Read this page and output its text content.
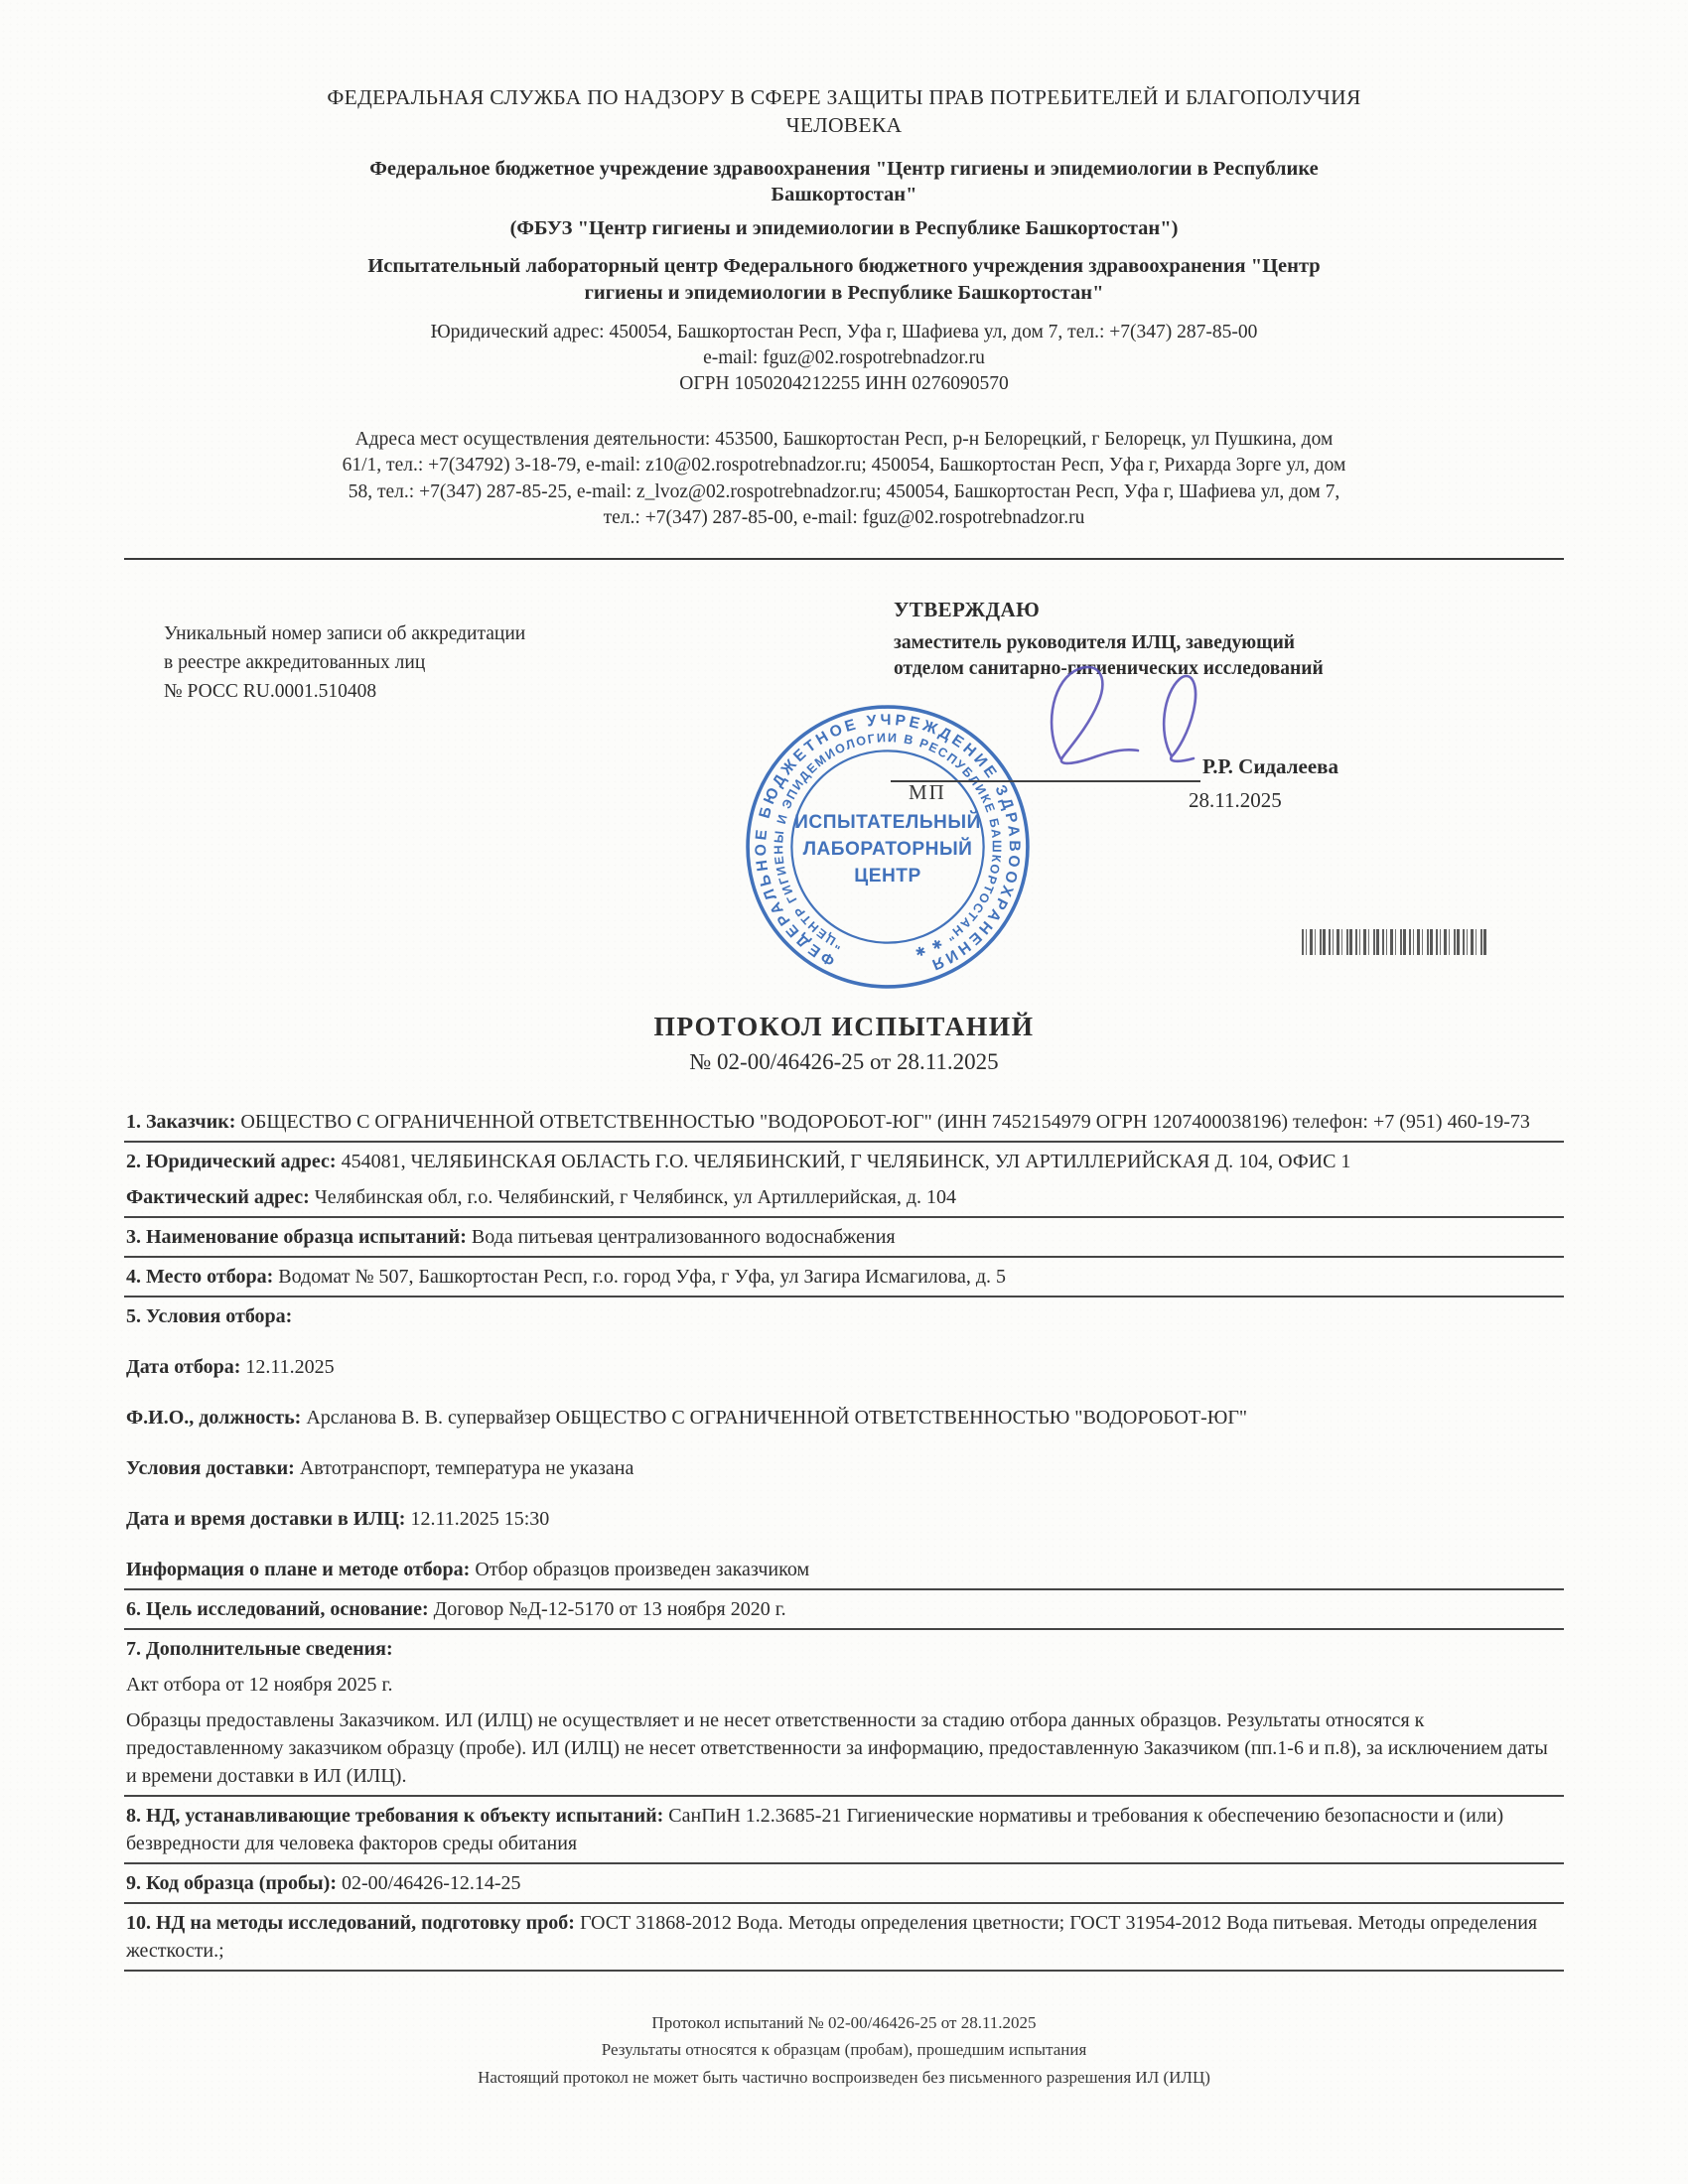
ФЕДЕРАЛЬНАЯ СЛУЖБА ПО НАДЗОРУ В СФЕРЕ ЗАЩИТЫ ПРАВ ПОТРЕБИТЕЛЕЙ И БЛАГОПОЛУЧИЯ
ЧЕЛОВЕКА
Федеральное бюджетное учреждение здравоохранения "Центр гигиены и эпидемиологии в Республике
Башкортостан"
(ФБУЗ "Центр гигиены и эпидемиологии в Республике Башкортостан")
Испытательный лабораторный центр Федерального бюджетного учреждения здравоохранения "Центр
гигиены и эпидемиологии в Республике Башкортостан"
Юридический адрес: 450054, Башкортостан Респ, Уфа г, Шафиева ул, дом 7, тел.: +7(347) 287-85-00
e-mail: fguz@02.rospotrebnadzor.ru
ОГРН 1050204212255 ИНН 0276090570
Адреса мест осуществления деятельности: 453500, Башкортостан Респ, р-н Белорецкий, г Белорецк, ул Пушкина, дом 61/1, тел.: +7(34792) 3-18-79, e-mail: z10@02.rospotrebnadzor.ru; 450054, Башкортостан Респ, Уфа г, Рихарда Зорге ул, дом 58, тел.: +7(347) 287-85-25, e-mail: z_lvoz@02.rospotrebnadzor.ru; 450054, Башкортостан Респ, Уфа г, Шафиева ул, дом 7, тел.: +7(347) 287-85-00, e-mail: fguz@02.rospotrebnadzor.ru
Уникальный номер записи об аккредитации
в реестре аккредитованных лиц
№ РОСС RU.0001.510408
УТВЕРЖДАЮ
заместитель руководителя ИЛЦ, заведующий
отделом санитарно-гигиенических исследований
ФЕДЕРАЛЬНОЕ БЮДЖЕТНОЕ УЧРЕЖДЕНИЕ ЗДРАВООХРАНЕНИЯ
"ЦЕНТР ГИГИЕНЫ И ЭПИДЕМИОЛОГИИ В РЕСПУБЛИКЕ БАШКОРТОСТАН" ✱ ✱
ИСПЫТАТЕЛЬНЫЙ
ЛАБОРАТОРНЫЙ
ЦЕНТР
МП
Р.Р. Сидалеева
28.11.2025
ПРОТОКОЛ ИСПЫТАНИЙ
№ 02-00/46426-25 от 28.11.2025
1. Заказчик: ОБЩЕСТВО С ОГРАНИЧЕННОЙ ОТВЕТСТВЕННОСТЬЮ "ВОДОРОБОТ-ЮГ" (ИНН 7452154979 ОГРН 1207400038196) телефон: +7 (951) 460-19-73
2. Юридический адрес: 454081, ЧЕЛЯБИНСКАЯ ОБЛАСТЬ Г.О. ЧЕЛЯБИНСКИЙ, Г ЧЕЛЯБИНСК, УЛ АРТИЛЛЕРИЙСКАЯ Д. 104, ОФИС 1
Фактический адрес: Челябинская обл, г.о. Челябинский, г Челябинск, ул Артиллерийская, д. 104
3. Наименование образца испытаний: Вода питьевая централизованного водоснабжения
4. Место отбора: Водомат № 507, Башкортостан Респ, г.о. город Уфа, г Уфа, ул Загира Исмагилова, д. 5
5. Условия отбора:
Дата отбора: 12.11.2025
Ф.И.О., должность: Арсланова В. В. супервайзер ОБЩЕСТВО С ОГРАНИЧЕННОЙ ОТВЕТСТВЕННОСТЬЮ "ВОДОРОБОТ-ЮГ"
Условия доставки: Автотранспорт, температура не указана
Дата и время доставки в ИЛЦ: 12.11.2025 15:30
Информация о плане и методе отбора: Отбор образцов произведен заказчиком
6. Цель исследований, основание: Договор №Д-12-5170 от 13 ноября 2020 г.
7. Дополнительные сведения:
Акт отбора от 12 ноября 2025 г.
Образцы предоставлены Заказчиком. ИЛ (ИЛЦ) не осуществляет и не несет ответственности за стадию отбора данных образцов. Результаты относятся к предоставленному заказчиком образцу (пробе). ИЛ (ИЛЦ) не несет ответственности за информацию, предоставленную Заказчиком (пп.1-6 и п.8), за исключением даты и времени доставки в ИЛ (ИЛЦ).
8. НД, устанавливающие требования к объекту испытаний: СанПиН 1.2.3685-21 Гигиенические нормативы и требования к обеспечению безопасности и (или) безвредности для человека факторов среды обитания
9. Код образца (пробы): 02-00/46426-12.14-25
10. НД на методы исследований, подготовку проб: ГОСТ 31868-2012 Вода. Методы определения цветности; ГОСТ 31954-2012 Вода питьевая. Методы определения жесткости.;
Протокол испытаний № 02-00/46426-25 от 28.11.2025
Результаты относятся к образцам (пробам), прошедшим испытания
Настоящий протокол не может быть частично воспроизведен без письменного разрешения ИЛ (ИЛЦ)
